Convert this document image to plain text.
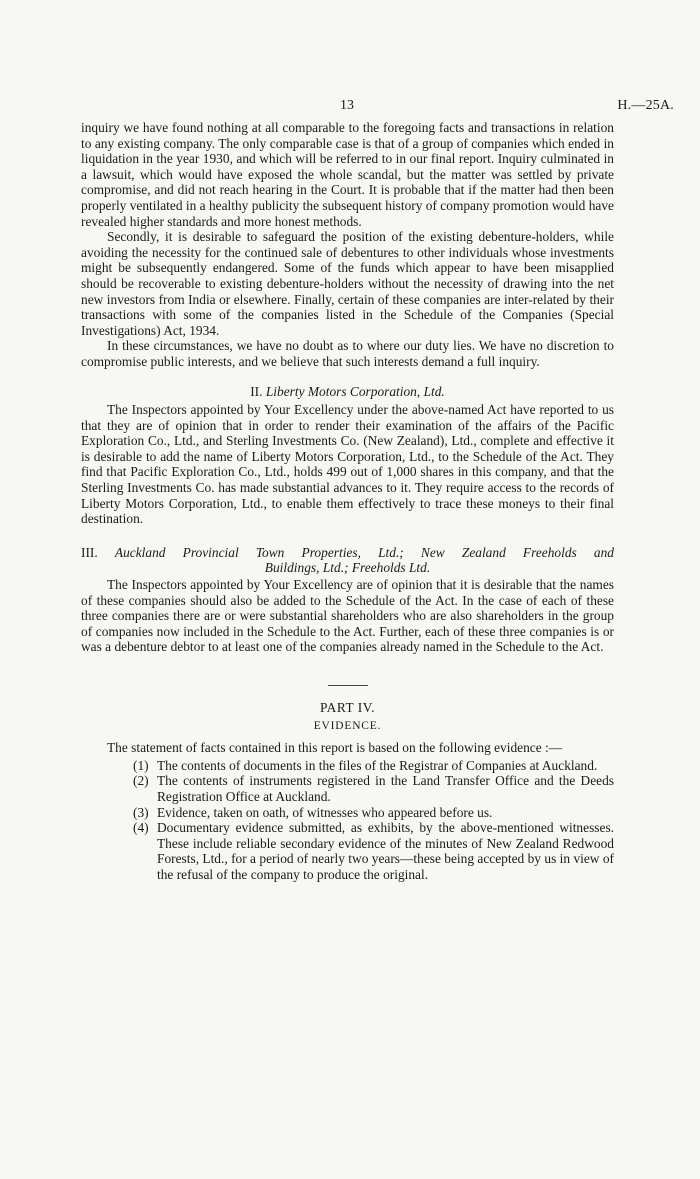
13	H.—25A.

inquiry we have found nothing at all comparable to the foregoing facts and transactions in relation to any existing company. The only comparable case is that of a group of companies which ended in liquidation in the year 1930, and which will be referred to in our final report. Inquiry culminated in a lawsuit, which would have exposed the whole scandal, but the matter was settled by private compromise, and did not reach hearing in the Court. It is probable that if the matter had then been properly ventilated in a healthy publicity the subsequent history of company promotion would have revealed higher standards and more honest methods.

Secondly, it is desirable to safeguard the position of the existing debenture-holders, while avoiding the necessity for the continued sale of debentures to other individuals whose investments might be subsequently endangered. Some of the funds which appear to have been misapplied should be recoverable to existing debenture-holders without the necessity of drawing into the net new investors from India or elsewhere. Finally, certain of these companies are inter-related by their transactions with some of the companies listed in the Schedule of the Companies (Special Investigations) Act, 1934.

In these circumstances, we have no doubt as to where our duty lies. We have no discretion to compromise public interests, and we believe that such interests demand a full inquiry.

II. Liberty Motors Corporation, Ltd.

The Inspectors appointed by Your Excellency under the above-named Act have reported to us that they are of opinion that in order to render their examination of the affairs of the Pacific Exploration Co., Ltd., and Sterling Investments Co. (New Zealand), Ltd., complete and effective it is desirable to add the name of Liberty Motors Corporation, Ltd., to the Schedule of the Act. They find that Pacific Exploration Co., Ltd., holds 499 out of 1,000 shares in this company, and that the Sterling Investments Co. has made substantial advances to it. They require access to the records of Liberty Motors Corporation, Ltd., to enable them effectively to trace these moneys to their final destination.

III. Auckland Provincial Town Properties, Ltd.; New Zealand Freeholds and
Buildings, Ltd.; Freeholds Ltd.

The Inspectors appointed by Your Excellency are of opinion that it is desirable that the names of these companies should also be added to the Schedule of the Act. In the case of each of these three companies there are or were substantial shareholders who are also shareholders in the group of companies now included in the Schedule to the Act. Further, each of these three companies is or was a debenture debtor to at least one of the companies already named in the Schedule to the Act.

PART IV.
EVIDENCE.

The statement of facts contained in this report is based on the following evidence :—

(1) The contents of documents in the files of the Registrar of Companies at Auckland.
(2) The contents of instruments registered in the Land Transfer Office and the Deeds Registration Office at Auckland.
(3) Evidence, taken on oath, of witnesses who appeared before us.
(4) Documentary evidence submitted, as exhibits, by the above-mentioned witnesses. These include reliable secondary evidence of the minutes of New Zealand Redwood Forests, Ltd., for a period of nearly two years—these being accepted by us in view of the refusal of the company to produce the original.
